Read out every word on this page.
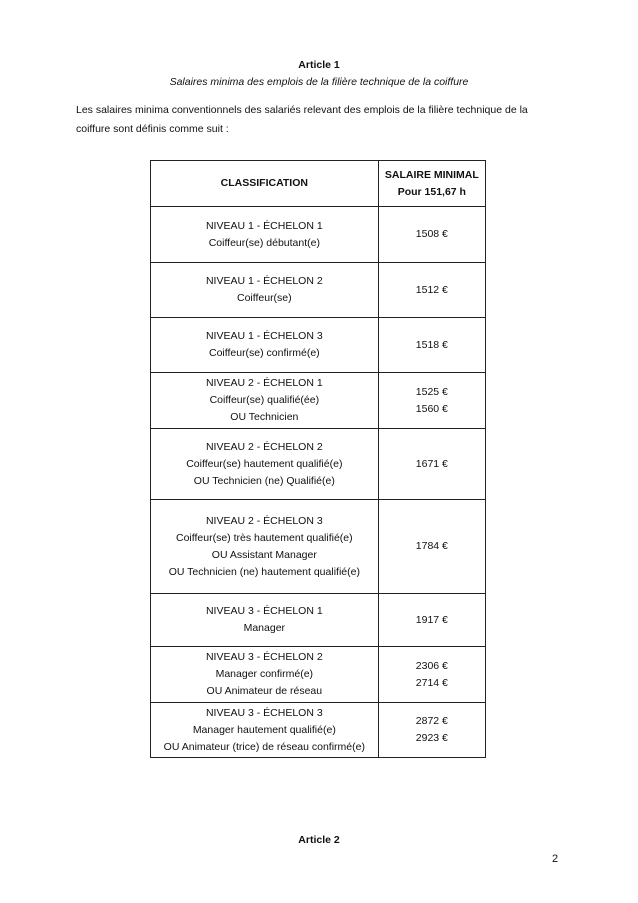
Article 1
Salaires minima des emplois de la filière technique de la coiffure
Les salaires minima conventionnels des salariés relevant des emplois de la filière technique de la
coiffure sont définis comme suit :
CLASSIFICATION	SALAIRE MINIMAL
Pour 151,67 h

NIVEAU 1 - ÉCHELON 1
Coiffeur(se) débutant(e)	1508 €

NIVEAU 1 - ÉCHELON 2
Coiffeur(se)	1512 €

NIVEAU 1 - ÉCHELON 3
Coiffeur(se) confirmé(e)	1518 €

NIVEAU 2 - ÉCHELON 1
Coiffeur(se) qualifié(ée)
OU Technicien	1525 €
1560 €

NIVEAU 2 - ÉCHELON 2
Coiffeur(se) hautement qualifié(e)
OU Technicien (ne) Qualifié(e)	1671 €

NIVEAU 2 - ÉCHELON 3
Coiffeur(se) très hautement qualifié(e)
OU Assistant Manager
OU Technicien (ne) hautement qualifié(e)	1784 €

NIVEAU 3 - ÉCHELON 1
Manager	1917 €

NIVEAU 3 - ÉCHELON 2
Manager confirmé(e)
OU Animateur de réseau	2306 €
2714 €

NIVEAU 3 - ÉCHELON 3
Manager hautement qualifié(e)
OU Animateur (trice) de réseau confirmé(e)	2872 €
2923 €
Article 2
2
